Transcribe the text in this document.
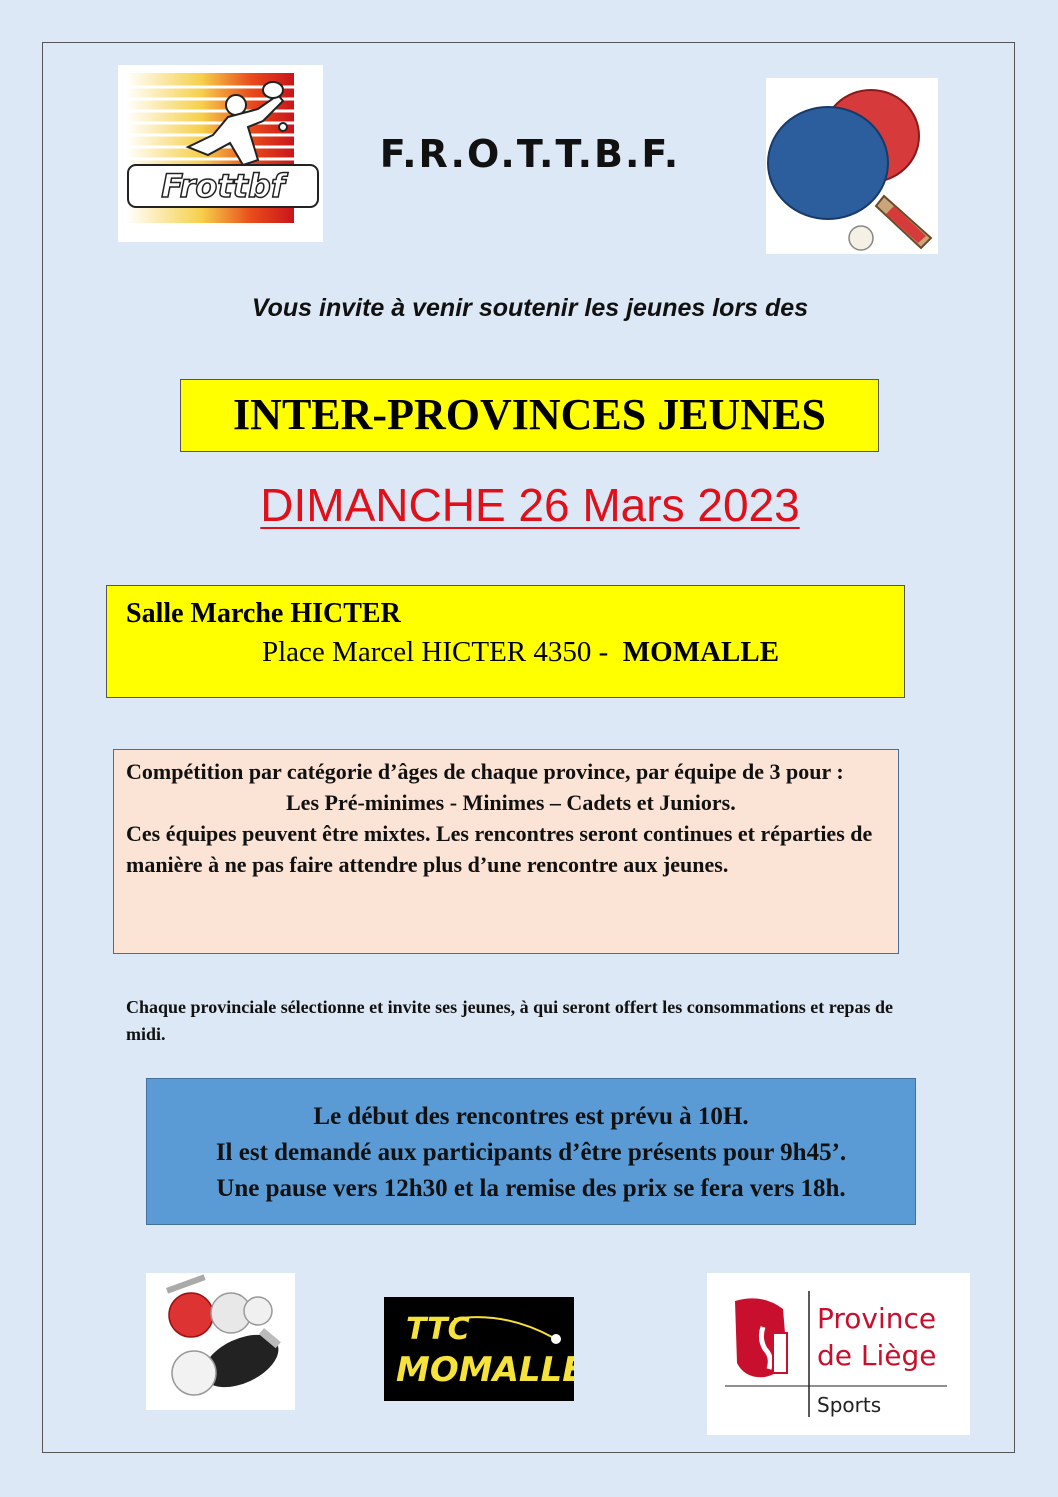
Frottbf
F.R.O.T.T.B.F.
Vous invite à venir soutenir les jeunes lors des
INTER-PROVINCES JEUNES
DIMANCHE 26 Mars 2023
Salle Marche HICTER
Place Marcel HICTER 4350 - MOMALLE
Compétition par catégorie d’âges de chaque province, par équipe de 3 pour :
Les Pré-minimes - Minimes – Cadets et Juniors.
Ces équipes peuvent être mixtes. Les rencontres seront continues et réparties de manière à ne pas faire attendre plus d’une rencontre aux jeunes.
Chaque provinciale sélectionne et invite ses jeunes, à qui seront offert les consommations et repas de midi.
Le début des rencontres est prévu à 10H.
Il est demandé aux participants d’être présents pour 9h45’.
Une pause vers 12h30 et la remise des prix se fera vers 18h.
TTC
MOMALLE
Province
de Liège
Sports
